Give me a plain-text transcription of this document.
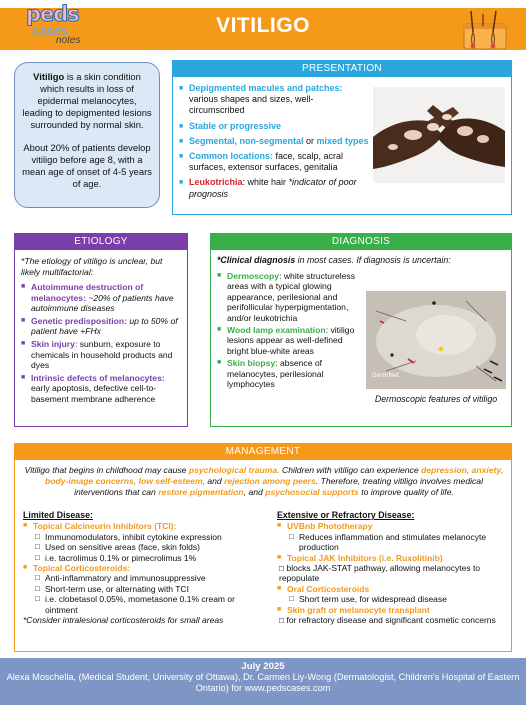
VITILIGO
peds
cases
notes

Vitiligo is a skin condition which results in loss of epidermal melanocytes, leading to depigmented lesions surrounded by normal skin.

About 20% of patients develop vitiligo before age 8, with a mean age of onset of 4-5 years of age.

PRESENTATION
■ Depigmented macules and patches: various shapes and sizes, well-circumscribed
■ Stable or progressive
■ Segmental, non-segmental or mixed types
■ Common locations: face, scalp, acral surfaces, extensor surfaces, genitalia
■ Leukotrichia: white hair *indicator of poor prognosis
ETIOLOGY
*The etiology of vitiligo is unclear, but likely multifactorial:
■ Autoimmune destruction of melanocytes: ~20% of patients have autoimmune diseases
■ Genetic predisposition: up to 50% of patient have +FHx
■ Skin injury: sunburn, exposure to chemicals in household products and dyes
■ Intrinsic defects of melanocytes: early apoptosis, defective cell-to-basement membrane adherence
DIAGNOSIS
*Clinical diagnosis in most cases. If diagnosis is uncertain:
■ Dermoscopy: white structureless areas with a typical glowing appearance, perilesional and perifollicular hyperpigmentation, and/or leukotrichia
■ Wood lamp examination: vitiligo lesions appear as well-defined bright blue-white areas
■ Skin biopsy: absence of melanocytes, perilesional lymphocytes
DermNet
Dermoscopic features of vitiligo
MANAGEMENT
Vitiligo that begins in childhood may cause psychological trauma. Children with vitiligo can experience depression, anxiety, body-image concerns, low self-esteem, and rejection among peers. Therefore, treating vitiligo involves medical interventions that can restore pigmentation, and psychosocial supports to improve quality of life.
Limited Disease:
■ Topical Calcineurin Inhibitors (TCI):
□ Immunomodulators, inhibit cytokine expression
□ Used on sensitive areas (face, skin folds)
□ i.e. tacrolimus 0.1% or pimecrolimus 1%
■ Topical Corticosteroids:
□ Anti-inflammatory and immunosuppressive
□ Short-term use, or alternating with TCI
□ i.e. clobetasol 0.05%, mometasone 0.1% cream or ointment
*Consider intralesional corticosteroids for small areas
Extensive or Refractory Disease:
■ UVBnb Phototherapy
□ Reduces inflammation and stimulates melanocyte production
■ Topical JAK Inhibitors (i.e. Ruxolitinib)
□ blocks JAK-STAT pathway, allowing melanocytes to repopulate
■ Oral Corticosteroids
□ Short term use, for widespread disease
■ Skin graft or melanocyte transplant
□ for refractory disease and significant cosmetic concerns
July 2025
Alexa Moschella, (Medical Student, University of Ottawa), Dr. Carmen Liy-Wong (Dermatologist, Children's Hospital of Eastern Ontario) for www.pedscases.com
